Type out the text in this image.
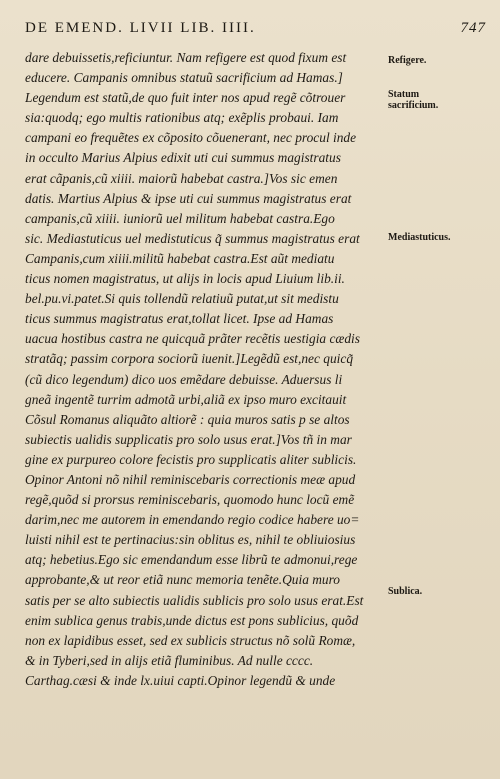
DE EMEND. LIVII LIB. IIII.	747
dare debuissetis,reficiuntur. Nam refigere est quod fixum est
educere. Campanis omnibus statuũ sacrificium ad Hamas.]
Legendum est statũ,de quo fuit inter nos apud regẽ cõtrouer
sia:quodq; ego multis rationibus atq; exẽplis probaui. Iam
campani eo frequẽtes ex cõposito cõuenerant, nec procul inde
in occulto Marius Alpius edixit uti cui summus magistratus
erat cãpanis,cũ xiiii. maiorũ habebat castra.]Vos sic emen
datis. Martius Alpius & ipse uti cui summus magistratus erat
campanis,cũ xiiii. iuniorũ uel militum habebat castra.Ego
sic. Mediastuticus uel medistuticus q̃ summus magistratus erat
Campanis,cum xiiii.militũ habebat castra.Est aũt mediatu
ticus nomen magistratus, ut alijs in locis apud Liuium lib.ii.
bel.pu.vi.patet.Si quis tollendũ relatiuũ putat,ut sit medistu
ticus summus magistratus erat,tollat licet. Ipse ad Hamas
uacua hostibus castra ne quicquã prãter recẽtis uestigia cædis
stratãq; passim corpora sociorũ iuenit.]Legẽdũ est,nec quicq̃
(cũ dico legendum) dico uos emẽdare debuisse. Aduersus li
gneã ingentẽ turrim admotã urbi,aliã ex ipso muro excitauit
Cõsul Romanus aliquãto altiorẽ : quia muros satis p se altos
subiectis ualidis supplicatis pro solo usus erat.]Vos tñ in mar
gine ex purpureo colore fecistis pro supplicatis aliter sublicis.
Opinor Antoni nõ nihil reminiscebaris correctionis meæ apud
regẽ,quõd si prorsus reminiscebaris, quomodo hunc locũ emẽ
darim,nec me autorem in emendando regio codice habere uo=
luisti nihil est te pertinacius:sin oblitus es, nihil te obliuiosius
atq; hebetius.Ego sic emendandum esse librũ te admonui,rege
approbante,& ut reor etiã nunc memoria tenẽte.Quia muro
satis per se alto subiectis ualidis sublicis pro solo usus erat.Est
enim sublica genus trabis,unde dictus est pons sublicius, quõd
non ex lapidibus esset, sed ex sublicis structus nõ solũ Romæ,
& in Tyberi,sed in alijs etiã fluminibus. Ad nulle cccc.
Carthag.cæsi & inde lx.uiui capti.Opinor legendũ & unde
Refigere.
Statum sacrificium.
Mediastuticus.
Sublica.
